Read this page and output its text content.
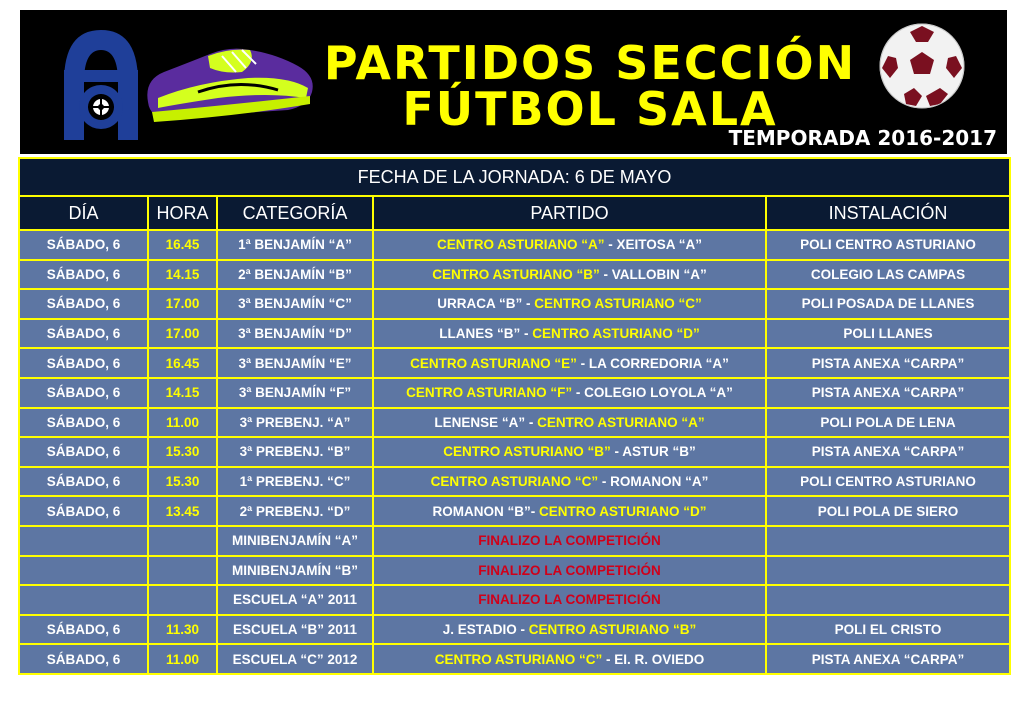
PARTIDOS SECCIÓN
FÚTBOL SALA
TEMPORADA 2016-2017
FECHA DE LA JORNADA: 6 DE MAYO				
DÍA	HORA	CATEGORÍA	PARTIDO	INSTALACIÓN
SÁBADO, 6	16.45	1ª BENJAMÍN “A”	CENTRO ASTURIANO “A” - XEITOSA “A”	POLI CENTRO ASTURIANO
SÁBADO, 6	14.15	2ª BENJAMÍN “B”	CENTRO ASTURIANO “B” - VALLOBIN “A”	COLEGIO LAS CAMPAS
SÁBADO, 6	17.00	3ª BENJAMÍN “C”	URRACA “B” - CENTRO ASTURIANO “C”	POLI POSADA DE LLANES
SÁBADO, 6	17.00	3ª BENJAMÍN “D”	LLANES “B” - CENTRO ASTURIANO “D”	POLI LLANES
SÁBADO, 6	16.45	3ª BENJAMÍN “E”	CENTRO ASTURIANO “E” - LA CORREDORIA “A”	PISTA ANEXA “CARPA”
SÁBADO, 6	14.15	3ª BENJAMÍN “F”	CENTRO ASTURIANO “F” - COLEGIO LOYOLA “A”	PISTA ANEXA “CARPA”
SÁBADO, 6	11.00	3ª PREBENJ. “A”	LENENSE “A” - CENTRO ASTURIANO “A”	POLI POLA DE LENA
SÁBADO, 6	15.30	3ª PREBENJ. “B”	CENTRO ASTURIANO “B” - ASTUR “B”	PISTA ANEXA “CARPA”
SÁBADO, 6	15.30	1ª PREBENJ. “C”	CENTRO ASTURIANO “C” - ROMANON “A”	POLI CENTRO ASTURIANO
SÁBADO, 6	13.45	2ª PREBENJ. “D”	ROMANON “B”- CENTRO ASTURIANO “D”	POLI POLA DE SIERO
		MINIBENJAMÍN “A”	FINALIZO LA COMPETICIÓN	
		MINIBENJAMÍN “B”	FINALIZO LA COMPETICIÓN	
		ESCUELA “A” 2011	FINALIZO LA COMPETICIÓN	
SÁBADO, 6	11.30	ESCUELA “B” 2011	J. ESTADIO - CENTRO ASTURIANO “B”	POLI EL CRISTO
SÁBADO, 6	11.00	ESCUELA “C” 2012	CENTRO ASTURIANO “C” - EI. R. OVIEDO	PISTA ANEXA “CARPA”
